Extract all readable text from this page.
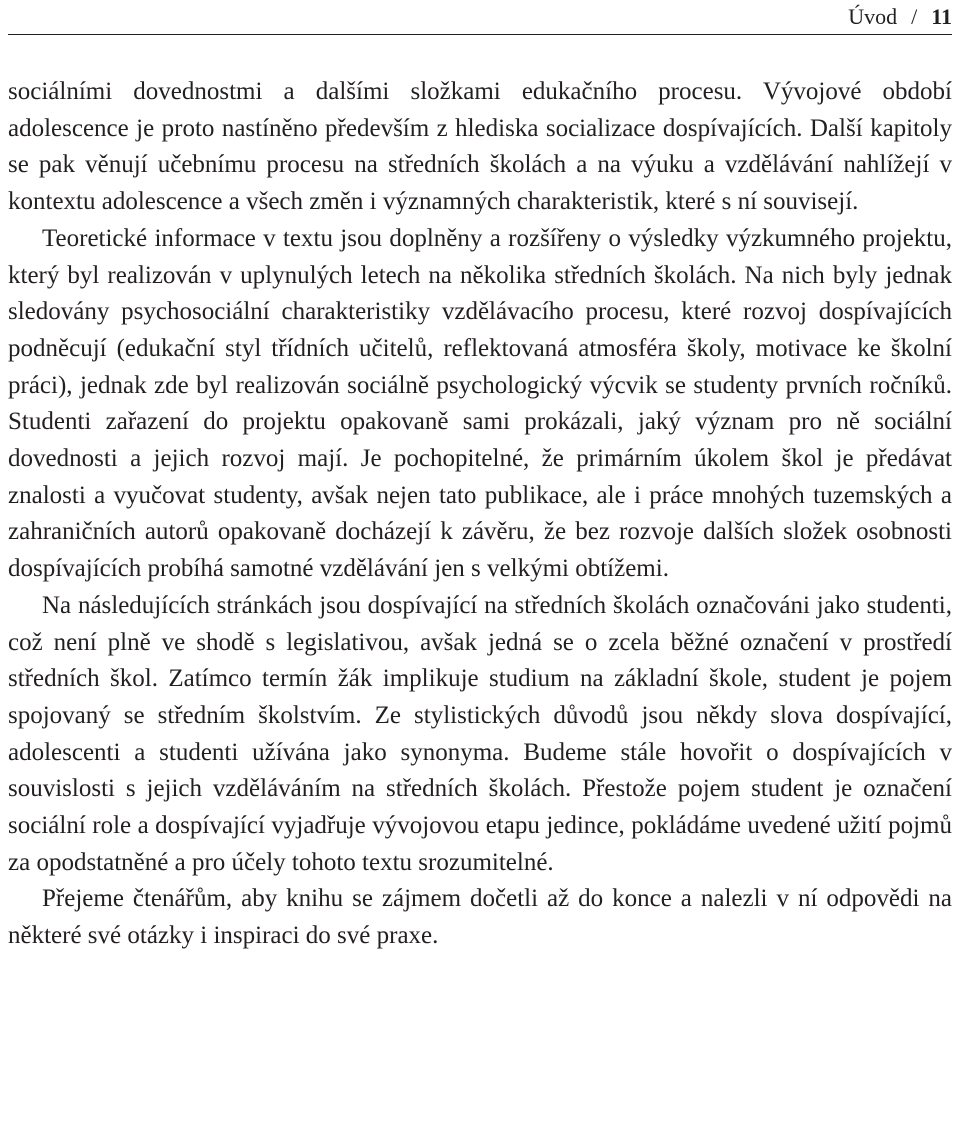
Úvod / 11

sociálními dovednostmi a dalšími složkami edukačního procesu. Vývojové období adolescence je proto nastíněno především z hlediska socializace dospívajících. Další kapitoly se pak věnují učebnímu procesu na středních školách a na výuku a vzdělávání nahlížejí v kontextu adolescence a všech změn i významných charakteristik, které s ní souvisejí.

Teoretické informace v textu jsou doplněny a rozšířeny o výsledky výzkumného projektu, který byl realizován v uplynulých letech na několika středních školách. Na nich byly jednak sledovány psychosociální charakteristiky vzdělávacího procesu, které rozvoj dospívajících podněcují (edukační styl třídních učitelů, reflektovaná atmosféra školy, motivace ke školní práci), jednak zde byl realizován sociálně psychologický výcvik se studenty prvních ročníků. Studenti zařazení do projektu opakovaně sami prokázali, jaký význam pro ně sociální dovednosti a jejich rozvoj mají. Je pochopitelné, že primárním úkolem škol je předávat znalosti a vyučovat studenty, avšak nejen tato publikace, ale i práce mnohých tuzemských a zahraničních autorů opakovaně docházejí k závěru, že bez rozvoje dalších složek osobnosti dospívajících probíhá samotné vzdělávání jen s velkými obtížemi.

Na následujících stránkách jsou dospívající na středních školách označováni jako studenti, což není plně ve shodě s legislativou, avšak jedná se o zcela běžné označení v prostředí středních škol. Zatímco termín žák implikuje studium na základní škole, student je pojem spojovaný se středním školstvím. Ze stylistických důvodů jsou někdy slova dospívající, adolescenti a studenti užívána jako synonyma. Budeme stále hovořit o dospívajících v souvislosti s jejich vzděláváním na středních školách. Přestože pojem student je označení sociální role a dospívající vyjadřuje vývojovou etapu jedince, pokládáme uvedené užití pojmů za opodstatněné a pro účely tohoto textu srozumitelné.

Přejeme čtenářům, aby knihu se zájmem dočetli až do konce a nalezli v ní odpovědi na některé své otázky i inspiraci do své praxe.
